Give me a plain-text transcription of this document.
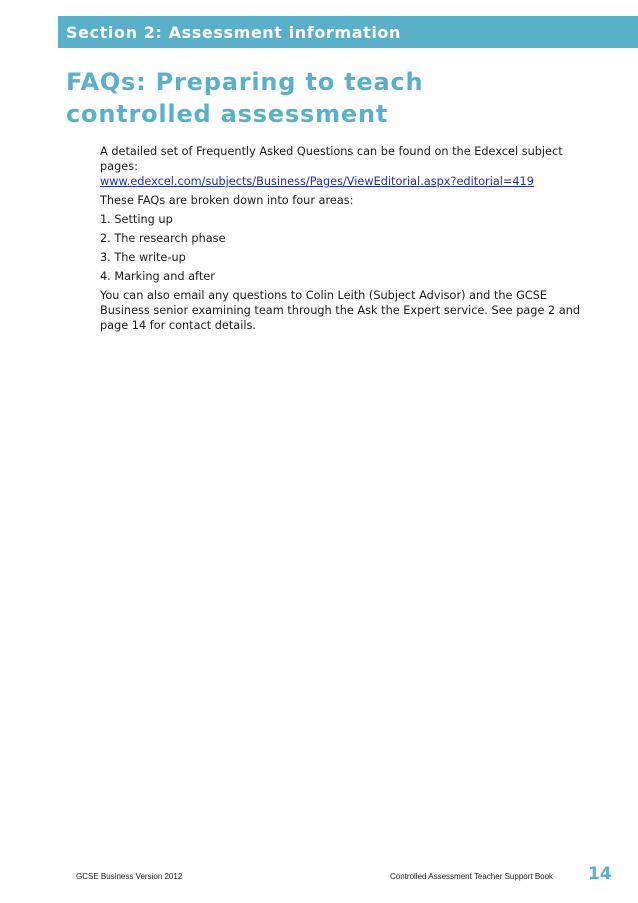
Section 2: Assessment information
FAQs: Preparing to teach
controlled assessment

A detailed set of Frequently Asked Questions can be found on the Edexcel subject pages:
www.edexcel.com/subjects/Business/Pages/ViewEditorial.aspx?editorial=419

These FAQs are broken down into four areas:

1. Setting up
2. The research phase
3. The write-up
4. Marking and after

You can also email any questions to Colin Leith (Subject Advisor) and the GCSE Business senior examining team through the Ask the Expert service. See page 2 and page 14 for contact details.

GCSE Business Version 2012	Controlled Assessment Teacher Support Book 14
